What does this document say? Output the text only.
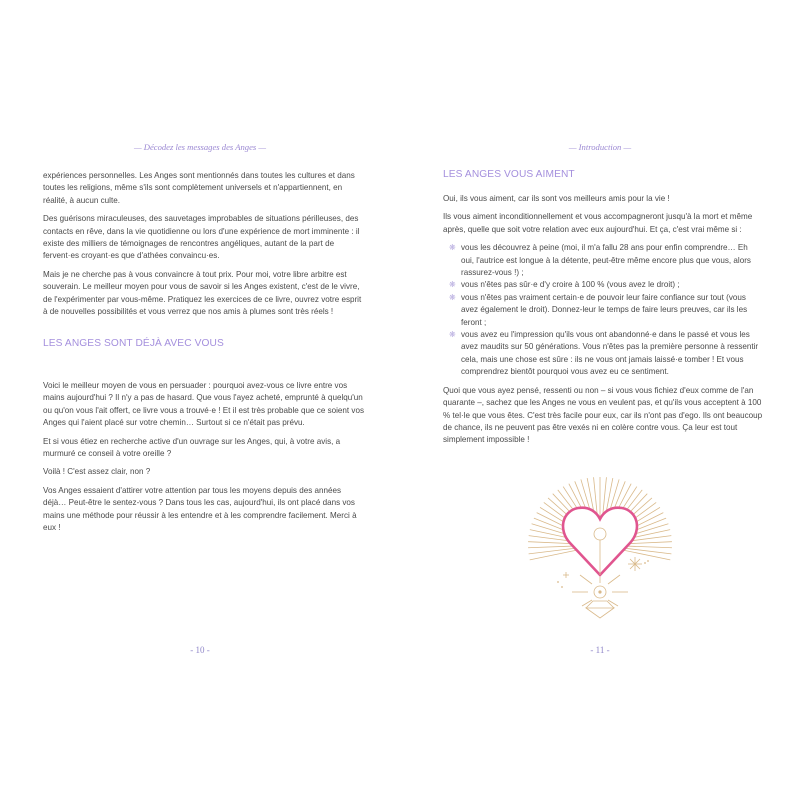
— Décodez les messages des Anges —

expériences personnelles. Les Anges sont mentionnés dans toutes les cultures et dans toutes les religions, même s'ils sont complètement universels et n'appartiennent, en réalité, à aucun culte.

Des guérisons miraculeuses, des sauvetages improbables de situations périlleuses, des contacts en rêve, dans la vie quotidienne ou lors d'une expérience de mort imminente : il existe des milliers de témoignages de rencontres angéliques, autant de la part de fervent·es croyant·es que d'athées convaincu·es.

Mais je ne cherche pas à vous convaincre à tout prix. Pour moi, votre libre arbitre est souverain. Le meilleur moyen pour vous de savoir si les Anges existent, c'est de le vivre, de l'expérimenter par vous-même. Pratiquez les exercices de ce livre, ouvrez votre esprit à de nouvelles possibilités et vous verrez que nos amis à plumes sont très réels !

LES ANGES SONT DÉJÀ AVEC VOUS

Voici le meilleur moyen de vous en persuader : pourquoi avez-vous ce livre entre vos mains aujourd'hui ? Il n'y a pas de hasard. Que vous l'ayez acheté, emprunté à quelqu'un ou qu'on vous l'ait offert, ce livre vous a trouvé·e ! Et il est très probable que ce soient vos Anges qui l'aient placé sur votre chemin… Surtout si ce n'était pas prévu.

Et si vous étiez en recherche active d'un ouvrage sur les Anges, qui, à votre avis, a murmuré ce conseil à votre oreille ?

Voilà ! C'est assez clair, non ?

Vos Anges essaient d'attirer votre attention par tous les moyens depuis des années déjà… Peut-être le sentez-vous ? Dans tous les cas, aujourd'hui, ils ont placé dans vos mains une méthode pour réussir à les entendre et à les comprendre facilement. Merci à eux !

- 10 -
— Introduction —
LES ANGES VOUS AIMENT

Oui, ils vous aiment, car ils sont vos meilleurs amis pour la vie !

Ils vous aiment inconditionnellement et vous accompagneront jusqu'à la mort et même après, quelle que soit votre relation avec eux aujourd'hui. Et ça, c'est vrai même si :

❋ vous les découvrez à peine (moi, il m'a fallu 28 ans pour enfin comprendre… Eh oui, l'autrice est longue à la détente, peut-être même encore plus que vous, alors rassurez-vous !) ;
❋ vous n'êtes pas sûr·e d'y croire à 100 % (vous avez le droit) ;
❋ vous n'êtes pas vraiment certain·e de pouvoir leur faire confiance sur tout (vous avez également le droit). Donnez-leur le temps de faire leurs preuves, car ils les feront ;
❋ vous avez eu l'impression qu'ils vous ont abandonné·e dans le passé et vous les avez maudits sur 50 générations. Vous n'êtes pas la première personne à ressentir cela, mais une chose est sûre : ils ne vous ont jamais laissé·e tomber ! Et vous comprendrez bientôt pourquoi vous avez eu ce sentiment.

Quoi que vous ayez pensé, ressenti ou non – si vous vous fichiez d'eux comme de l'an quarante –, sachez que les Anges ne vous en veulent pas, et qu'ils vous acceptent à 100 % tel·le que vous êtes. C'est très facile pour eux, car ils n'ont pas d'ego. Ils ont beaucoup de chance, ils ne peuvent pas être vexés ni en colère contre vous. Ça leur est tout simplement impossible !

- 11 -
